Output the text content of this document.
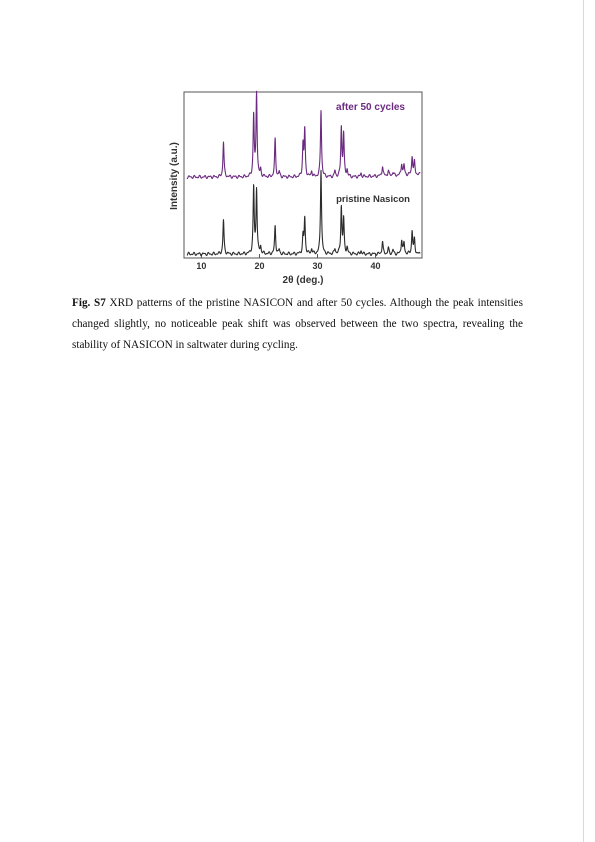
10	20	30	40
Intensity (a.u.)
2θ (deg.)
after 50 cycles
pristine Nasicon
Fig. S7 XRD patterns of the pristine NASICON and after 50 cycles. Although the peak intensities changed slightly, no noticeable peak shift was observed between the two spectra, revealing the stability of NASICON in saltwater during cycling.
